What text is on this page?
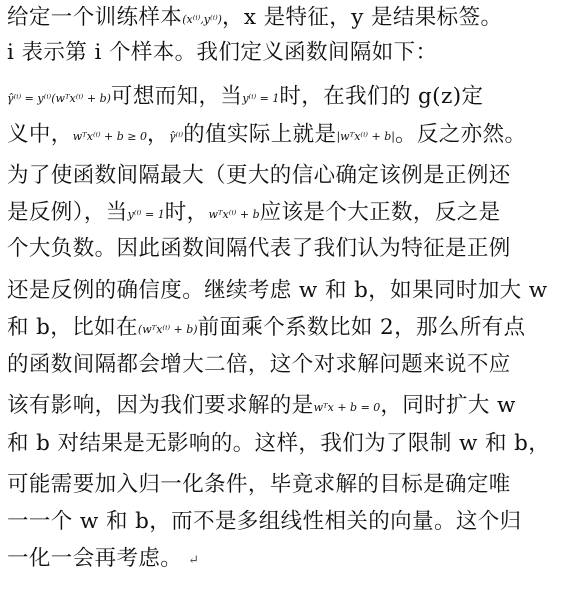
给定一个训练样本(x⁽ⁱ⁾,y⁽ⁱ⁾)，x 是特征，y 是结果标签。
i 表示第 i 个样本。我们定义函数间隔如下：
γ̂⁽ⁱ⁾ = y⁽ⁱ⁾(wᵀx⁽ⁱ⁾ + b)可想而知，当y⁽ⁱ⁾ = 1时，在我们的 g(z)定
义中，wᵀx⁽ⁱ⁾ + b ≥ 0，γ̂⁽ⁱ⁾的值实际上就是|wᵀx⁽ⁱ⁾ + b|。反之亦然。
为了使函数间隔最大（更大的信心确定该例是正例还
是反例），当y⁽ⁱ⁾ = 1时，wᵀx⁽ⁱ⁾ + b应该是个大正数，反之是
个大负数。因此函数间隔代表了我们认为特征是正例
还是反例的确信度。继续考虑 w 和 b，如果同时加大 w
和 b，比如在(wᵀx⁽ⁱ⁾ + b)前面乘个系数比如 2，那么所有点
的函数间隔都会增大二倍，这个对求解问题来说不应
该有影响，因为我们要求解的是wᵀx + b = 0，同时扩大 w
和 b 对结果是无影响的。这样，我们为了限制 w 和 b，
可能需要加入归一化条件，毕竟求解的目标是确定唯
一一个 w 和 b，而不是多组线性相关的向量。这个归
一化一会再考虑。 ↵
